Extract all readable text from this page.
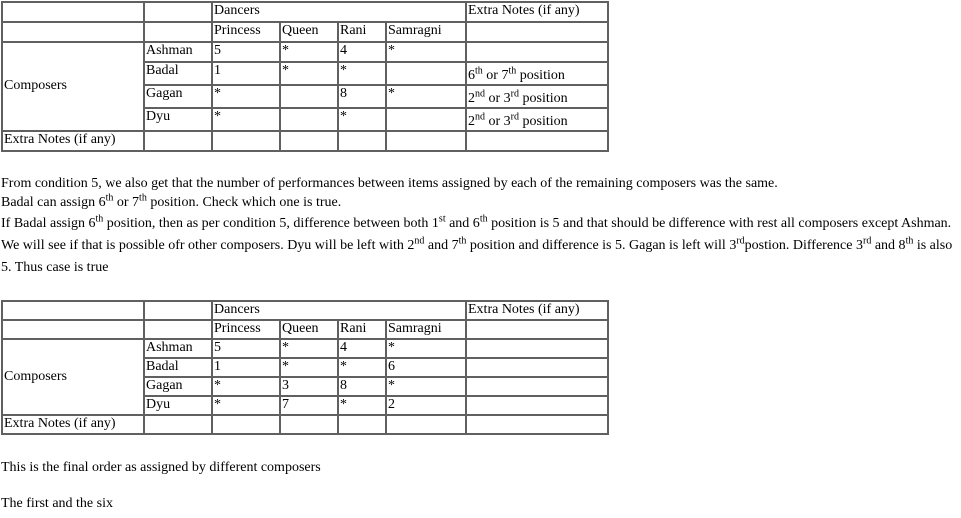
		Dancers				Extra Notes (if any)
		Princess	Queen	Rani	Samragni	
Composers	Ashman	5	*	4	*	
	Badal	1	*	*		6th or 7th position
	Gagan	*		8	*	2nd or 3rd position
	Dyu	*		*		2nd or 3rd position
Extra Notes (if any)						

From condition 5, we also get that the number of performances between items assigned by each of the remaining composers was the same.

Badal can assign 6th or 7th position. Check which one is true.

If Badal assign 6th position, then as per condition 5, difference between both 1st and 6th position is 5 and that should be difference with rest all composers except Ashman. We will see if that is possible ofr other composers. Dyu will be left with 2nd and 7th position and difference is 5. Gagan is left will 3rdpostion. Difference 3rd and 8th is also 5. Thus case is true

		Dancers				Extra Notes (if any)
		Princess	Queen	Rani	Samragni	
Composers	Ashman	5	*	4	*	
	Badal	1	*	*	6	
	Gagan	*	3	8	*	
	Dyu	*	7	*	2	
Extra Notes (if any)						
This is the final order as assigned by different composers
The first and the six
